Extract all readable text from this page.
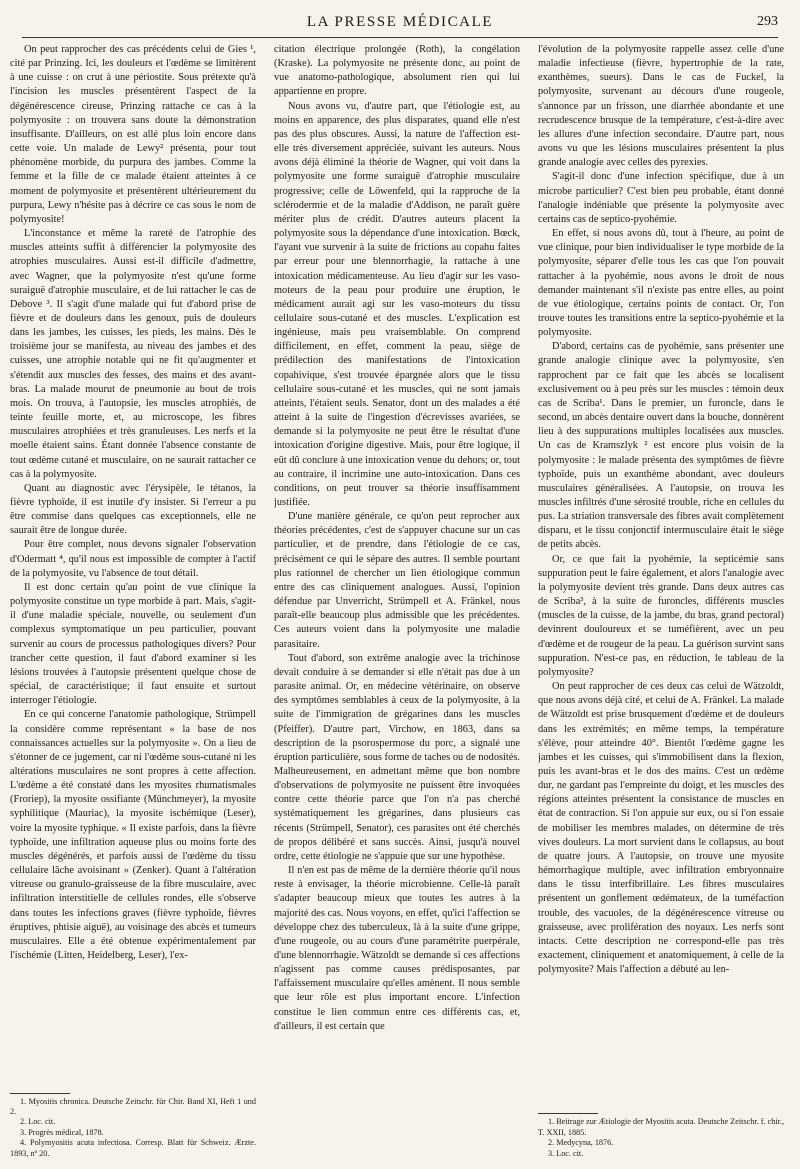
LA PRESSE MÉDICALE	293

On peut rapprocher des cas précédents celui de Gies ¹, cité par Prinzing. Ici, les douleurs et l'œdème se limitèrent à une cuisse : on crut à une périostite. Sous prétexte qu'à l'incision les muscles présentèrent l'aspect de la dégénérescence cireuse, Prinzing rattache ce cas à la polymyosite : on trouvera sans doute la démonstration insuffisante. D'ailleurs, on est allé plus loin encore dans cette voie. Un malade de Lewy² présenta, pour tout phénomène morbide, du purpura des jambes. Comme la femme et la fille de ce malade étaient atteintes à ce moment de polymyosite et présentèrent ultérieurement du purpura, Lewy n'hésite pas à décrire ce cas sous le nom de polymyosite!

L'inconstance et même la rareté de l'atrophie des muscles atteints suffit à différencier la polymyosite des atrophies musculaires. Aussi est-il difficile d'admettre, avec Wagner, que la polymyosite n'est qu'une forme suraiguë d'atrophie musculaire, et de lui rattacher le cas de Debove ³. Il s'agit d'une malade qui fut d'abord prise de fièvre et de douleurs dans les genoux, puis de douleurs dans les jambes, les cuisses, les pieds, les mains. Dès le troisième jour se manifesta, au niveau des jambes et des cuisses, une atrophie notable qui ne fit qu'augmenter et s'étendit aux muscles des fesses, des mains et des avant-bras. La malade mourut de pneumonie au bout de trois mois. On trouva, à l'autopsie, les muscles atrophiés, de teinte feuille morte, et, au microscope, les fibres musculaires atrophiées et très granuleuses. Les nerfs et la moelle étaient sains. Étant donnée l'absence constante de tout œdème cutané et musculaire, on ne saurait rattacher ce cas à la polymyosite.

Quant au diagnostic avec l'érysipèle, le tétanos, la fièvre typhoïde, il est inutile d'y insister. Si l'erreur a pu être commise dans quelques cas exceptionnels, elle ne saurait être de longue durée.

Pour être complet, nous devons signaler l'observation d'Odermatt ⁴, qu'il nous est impossible de compter à l'actif de la polymyosite, vu l'absence de tout détail.

Il est donc certain qu'au point de vue clinique la polymyosite constitue un type morbide à part. Mais, s'agit-il d'une maladie spéciale, nouvelle, ou seulement d'un complexus symptomatique un peu particulier, pouvant survenir au cours de processus pathologiques divers? Pour trancher cette question, il faut d'abord examiner si les lésions trouvées à l'autopsie présentent quelque chose de spécial, de caractéristique; il faut ensuite et surtout interroger l'étiologie.

En ce qui concerne l'anatomie pathologique, Strümpell la considère comme représentant « la base de nos connaissances actuelles sur la polymyosite ». On a lieu de s'étonner de ce jugement, car ni l'œdème sous-cutané ni les altérations musculaires ne sont propres à cette affection. L'œdème a été constaté dans les myosites rhumatismales (Froriep), la myosite ossifiante (Münchmeyer), la myosite syphilitique (Mauriac), la myosite ischémique (Leser), voire la myosite typhique. « Il existe parfois, dans la fièvre typhoïde, une infiltration aqueuse plus ou moins forte des muscles dégénérés, et parfois aussi de l'œdème du tissu cellulaire lâche avoisinant » (Zenker). Quant à l'altération vitreuse ou granulo-graisseuse de la fibre musculaire, avec infiltration interstitielle de cellules rondes, elle s'observe dans toutes les infections graves (fièvre typhoïde, fièvres éruptives, phtisie aiguë), au voisinage des abcès et tumeurs musculaires. Elle a été obtenue expérimentalement par l'ischémie (Litten, Heidelberg, Leser), l'ex-

1. Myositis chronica. Deutsche Zeitschr. für Chir. Band XI, Heft 1 und 2.

2. Loc. cit.

3. Progrès médical, 1878.

4. Polymyositis acuta infectiosa. Corresp. Blatt für Schweiz. Ærzte. 1893, nº 20.

citation électrique prolongée (Roth), la congélation (Kraske). La polymyosite ne présente donc, au point de vue anatomo-pathologique, absolument rien qui lui appartienne en propre.

Nous avons vu, d'autre part, que l'étiologie est, au moins en apparence, des plus disparates, quand elle n'est pas des plus obscures. Aussi, la nature de l'affection est-elle très diversement appréciée, suivant les auteurs. Nous avons déjà éliminé la théorie de Wagner, qui voit dans la polymyosite une forme suraiguë d'atrophie musculaire progressive; celle de Löwenfeld, qui la rapproche de la sclérodermie et de la maladie d'Addison, ne paraît guère mériter plus de crédit. D'autres auteurs placent la polymyosite sous la dépendance d'une intoxication. Bœck, l'ayant vue survenir à la suite de frictions au copahu faites par erreur pour une blennorrhagie, la rattache à une intoxication médicamenteuse. Au lieu d'agir sur les vaso-moteurs de la peau pour produire une éruption, le médicament aurait agi sur les vaso-moteurs du tissu cellulaire sous-cutané et des muscles. L'explication est ingénieuse, mais peu vraisemblable. On comprend difficilement, en effet, comment la peau, siège de prédilection des manifestations de l'intoxication copahivique, s'est trouvée épargnée alors que le tissu cellulaire sous-cutané et les muscles, qui ne sont jamais atteints, l'étaient seuls. Senator, dont un des malades a été atteint à la suite de l'ingestion d'écrevisses avariées, se demande si la polymyosite ne peut être le résultat d'une intoxication d'origine digestive. Mais, pour être logique, il eût dû conclure à une intoxication venue du dehors; or, tout au contraire, il incrimine une auto-intoxication. Dans ces conditions, on peut trouver sa théorie insuffisamment justifiée.

D'une manière générale, ce qu'on peut reprocher aux théories précédentes, c'est de s'appuyer chacune sur un cas particulier, et de prendre, dans l'étiologie de ce cas, précisément ce qui le sépare des autres. Il semble pourtant plus rationnel de chercher un lien étiologique commun entre des cas cliniquement analogues. Aussi, l'opinion défendue par Unverricht, Strümpell et A. Fränkel, nous paraît-elle beaucoup plus admissible que les précédentes. Ces auteurs voient dans la polymyosite une maladie parasitaire.

Tout d'abord, son extrême analogie avec la trichinose devait conduire à se demander si elle n'était pas due à un parasite animal. Or, en médecine vétérinaire, on observe des symptômes semblables à ceux de la polymyosite, à la suite de l'immigration de grégarines dans les muscles (Pfeiffer). D'autre part, Virchow, en 1863, dans sa description de la psorospermose du porc, a signalé une éruption particulière, sous forme de taches ou de nodosités. Malheureusement, en admettant même que bon nombre d'observations de polymyosite ne puissent être invoquées contre cette théorie parce que l'on n'a pas cherché systématiquement les grégarines, dans plusieurs cas récents (Strümpell, Senator), ces parasites ont été cherchés de propos délibéré et sans succès. Ainsi, jusqu'à nouvel ordre, cette étiologie ne s'appuie que sur une hypothèse.

Il n'en est pas de même de la dernière théorie qu'il nous reste à envisager, la théorie microbienne. Celle-là paraît s'adapter beaucoup mieux que toutes les autres à la majorité des cas. Nous voyons, en effet, qu'ici l'affection se développe chez des tuberculeux, là à la suite d'une grippe, d'une rougeole, ou au cours d'une paramétrite puerpérale, d'une blennorrhagie. Wätzoldt se demande si ces affections n'agissent pas comme causes prédisposantes, par l'affaissement musculaire qu'elles amènent. Il nous semble que leur rôle est plus important encore. L'infection constitue le lien commun entre ces différents cas, et, d'ailleurs, il est certain que

l'évolution de la polymyosite rappelle assez celle d'une maladie infectieuse (fièvre, hypertrophie de la rate, exanthèmes, sueurs). Dans le cas de Fuckel, la polymyosite, survenant au décours d'une rougeole, s'annonce par un frisson, une diarrhée abondante et une recrudescence brusque de la température, c'est-à-dire avec les allures d'une infection secondaire. D'autre part, nous avons vu que les lésions musculaires présentent la plus grande analogie avec celles des pyrexies.

S'agit-il donc d'une infection spécifique, due à un microbe particulier? C'est bien peu probable, étant donné l'analogie indéniable que présente la polymyosite avec certains cas de septico-pyohémie.

En effet, si nous avons dû, tout à l'heure, au point de vue clinique, pour bien individualiser le type morbide de la polymyosite, séparer d'elle tous les cas que l'on pouvait rattacher à la pyohémie, nous avons le droit de nous demander maintenant s'il n'existe pas entre elles, au point de vue étiologique, certains points de contact. Or, l'on trouve toutes les transitions entre la septico-pyohémie et la polymyosite.

D'abord, certains cas de pyohémie, sans présenter une grande analogie clinique avec la polymyosite, s'en rapprochent par ce fait que les abcès se localisent exclusivement ou à peu près sur les muscles : témoin deux cas de Scriba¹. Dans le premier, un furoncle, dans le second, un abcès dentaire ouvert dans la bouche, donnèrent lieu à des suppurations multiples localisées aux muscles. Un cas de Kramszlyk ² est encore plus voisin de la polymyosite : le malade présenta des symptômes de fièvre typhoïde, puis un exanthème abondant, avec douleurs musculaires généralisées. A l'autopsie, on trouva les muscles infiltrés d'une sérosité trouble, riche en cellules du pus. La striation transversale des fibres avait complètement disparu, et le tissu conjonctif intermusculaire était le siège de petits abcès.

Or, ce que fait la pyohémie, la septicémie sans suppuration peut le faire également, et alors l'analogie avec la polymyosite devient très grande. Dans deux autres cas de Scriba³, à la suite de furoncles, différents muscles (muscles de la cuisse, de la jambe, du bras, grand pectoral) devinrent douloureux et se tuméfièrent, avec un peu d'œdème et de rougeur de la peau. La guérison survint sans suppuration. N'est-ce pas, en réduction, le tableau de la polymyosite?

On peut rapprocher de ces deux cas celui de Wätzoldt, que nous avons déjà cité, et celui de A. Fränkel. La malade de Wätzoldt est prise brusquement d'œdème et de douleurs dans les extrémités; en même temps, la température s'élève, pour atteindre 40°. Bientôt l'œdème gagne les jambes et les cuisses, qui s'immobilisent dans la flexion, puis les avant-bras et le dos des mains. C'est un œdème dur, ne gardant pas l'empreinte du doigt, et les muscles des régions atteintes présentent la consistance de muscles en état de contraction. Si l'on appuie sur eux, ou si l'on essaie de mobiliser les membres malades, on détermine de très vives douleurs. La mort survient dans le collapsus, au bout de quatre jours. A l'autopsie, on trouve une myosite hémorrhagique multiple, avec infiltration embryonnaire dans le tissu interfibrillaire. Les fibres musculaires présentent un gonflement œdémateux, de la tuméfaction trouble, des vacuoles, de la dégénérescence vitreuse ou graisseuse, avec prolifération des noyaux. Les nerfs sont intacts. Cette description ne correspond-elle pas très exactement, cliniquement et anatomiquement, à celle de la polymyosite? Mais l'affection a débuté au len-

1. Beitrage zur Ætiologie der Myositis acuta. Deutsche Zeitschr. f. chir., T. XXII, 1885.

2. Medycyna, 1876.

3. Loc. cit.
